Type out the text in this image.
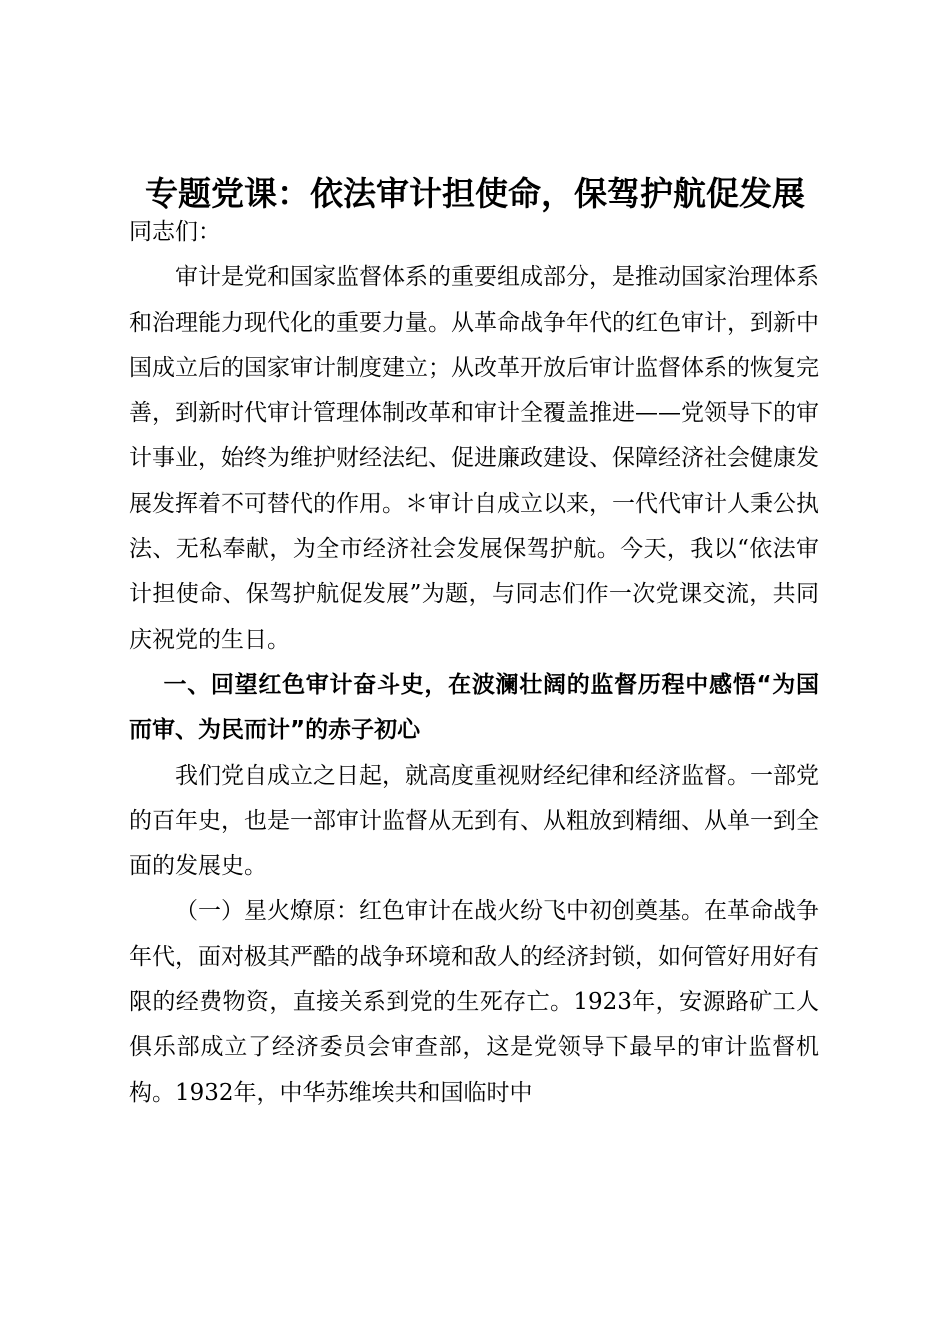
专题党课：依法审计担使命，保驾护航促发展

同志们：

审计是党和国家监督体系的重要组成部分，是推动国家治理体系和治理能力现代化的重要力量。从革命战争年代的红色审计，到新中国成立后的国家审计制度建立；从改革开放后审计监督体系的恢复完善，到新时代审计管理体制改革和审计全覆盖推进——党领导下的审计事业，始终为维护财经法纪、促进廉政建设、保障经济社会健康发展发挥着不可替代的作用。＊审计自成立以来，一代代审计人秉公执法、无私奉献，为全市经济社会发展保驾护航。今天，我以“依法审计担使命、保驾护航促发展”为题，与同志们作一次党课交流，共同庆祝党的生日。

一、回望红色审计奋斗史，在波澜壮阔的监督历程中感悟“为国而审、为民而计”的赤子初心

我们党自成立之日起，就高度重视财经纪律和经济监督。一部党的百年史，也是一部审计监督从无到有、从粗放到精细、从单一到全面的发展史。

（一）星火燎原：红色审计在战火纷飞中初创奠基。在革命战争年代，面对极其严酷的战争环境和敌人的经济封锁，如何管好用好有限的经费物资，直接关系到党的生死存亡。1923年，安源路矿工人俱乐部成立了经济委员会审查部，这是党领导下最早的审计监督机构。1932年，中华苏维埃共和国临时中
